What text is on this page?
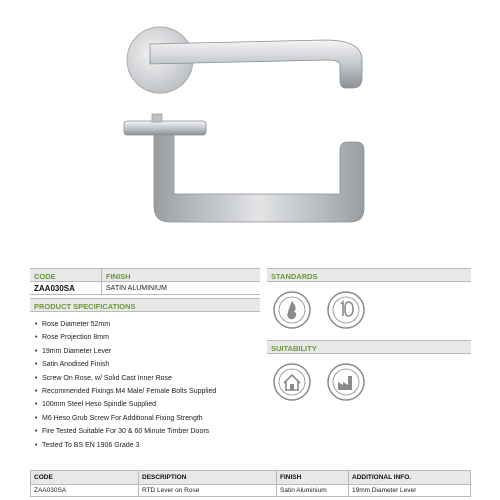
CODE	FINISH
ZAA030SA	SATIN ALUMINIUM
PRODUCT SPECIFICATIONS
• Rose Diameter 52mm
• Rose Projection 8mm
• 19mm Diameter Lever
• Satin Anodised Finish
• Screw On Rose, w/ Solid Cast Inner Rose
• Recommended Fixings M4 Male/ Female Bolts Supplied
• 100mm Steel Heso Spindle Supplied
• M6 Heso Grub Screw For Additional Fixing Strength
• Fire Tested Suitable For 30 & 60 Minute Timber Doors
• Tested To BS EN 1906 Grade 3
STANDARDS
SUITABILITY
CODE	DESCRIPTION	FINISH	ADDITIONAL INFO.
ZAA030SA	RTD Lever on Rose	Satin Aluminium	19mm Diameter Lever
